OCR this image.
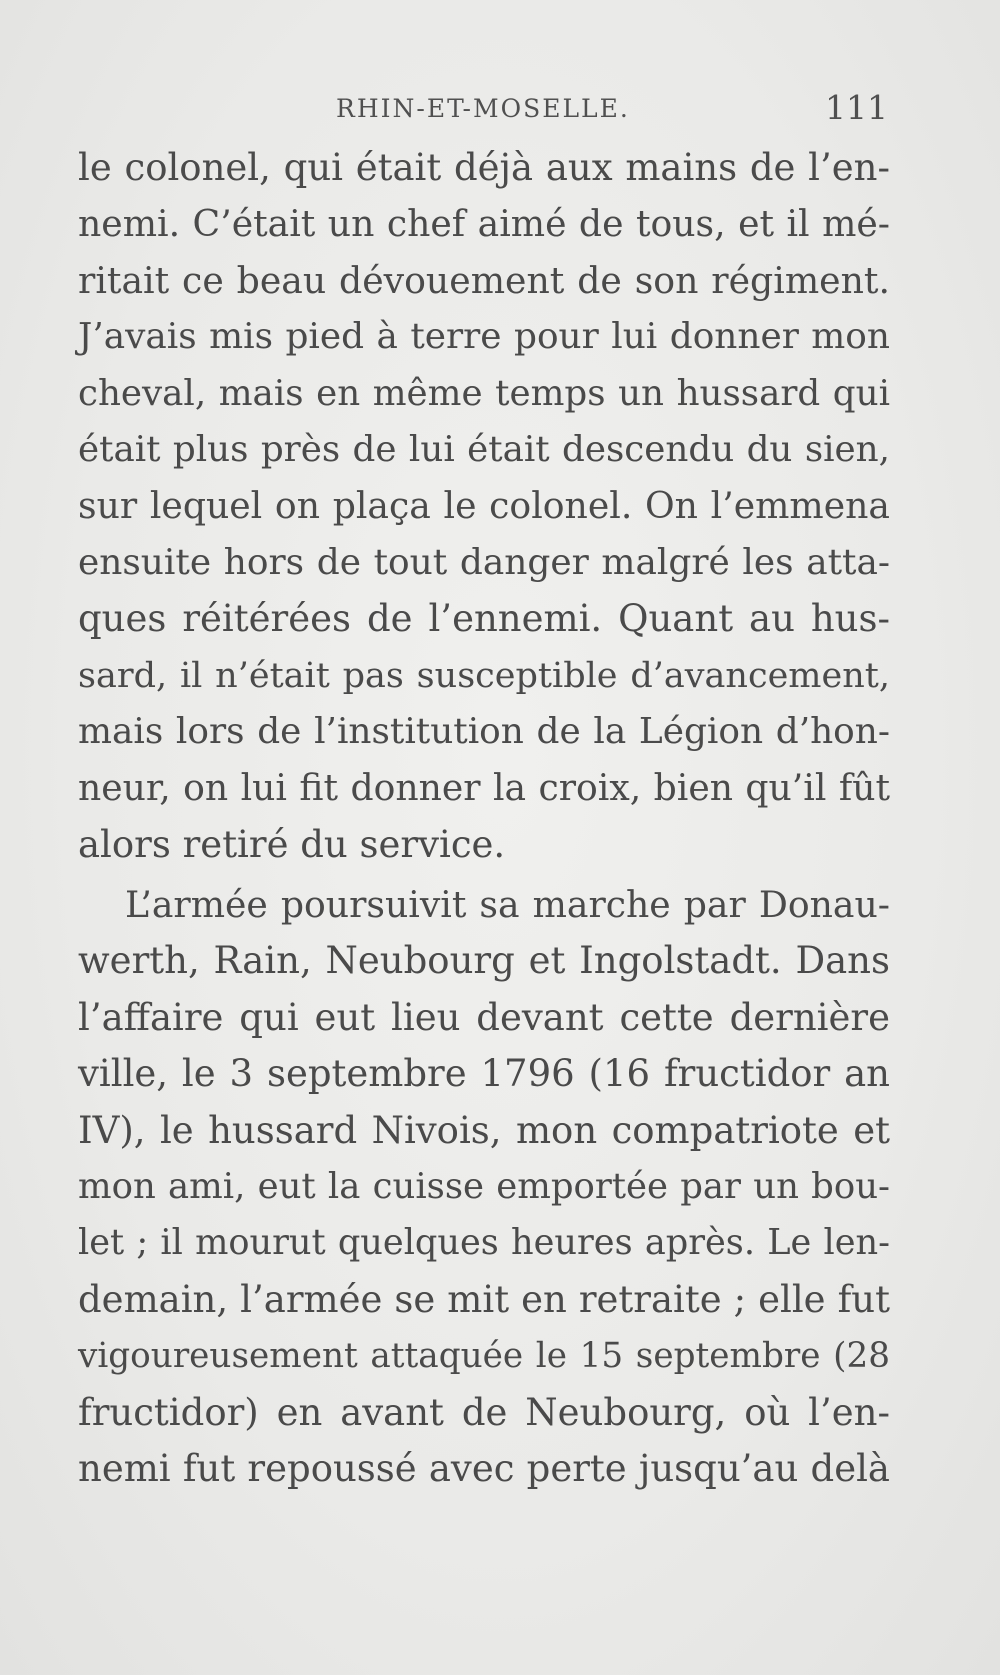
RHIN-ET-MOSELLE.	111
le colonel, qui était déjà aux mains de l’en-
nemi. C’était un chef aimé de tous, et il mé-
ritait ce beau dévouement de son régiment.
J’avais mis pied à terre pour lui donner mon
cheval, mais en même temps un hussard qui
était plus près de lui était descendu du sien,
sur lequel on plaça le colonel. On l’emmena
ensuite hors de tout danger malgré les atta-
ques réitérées de l’ennemi. Quant au hus-
sard, il n’était pas susceptible d’avancement,
mais lors de l’institution de la Légion d’hon-
neur, on lui fit donner la croix, bien qu’il fût
alors retiré du service.
L’armée poursuivit sa marche par Donau-
werth, Rain, Neubourg et Ingolstadt. Dans
l’affaire qui eut lieu devant cette dernière
ville, le 3 septembre 1796 (16 fructidor an
IV), le hussard Nivois, mon compatriote et
mon ami, eut la cuisse emportée par un bou-
let ; il mourut quelques heures après. Le len-
demain, l’armée se mit en retraite ; elle fut
vigoureusement attaquée le 15 septembre (28
fructidor) en avant de Neubourg, où l’en-
nemi fut repoussé avec perte jusqu’au delà
